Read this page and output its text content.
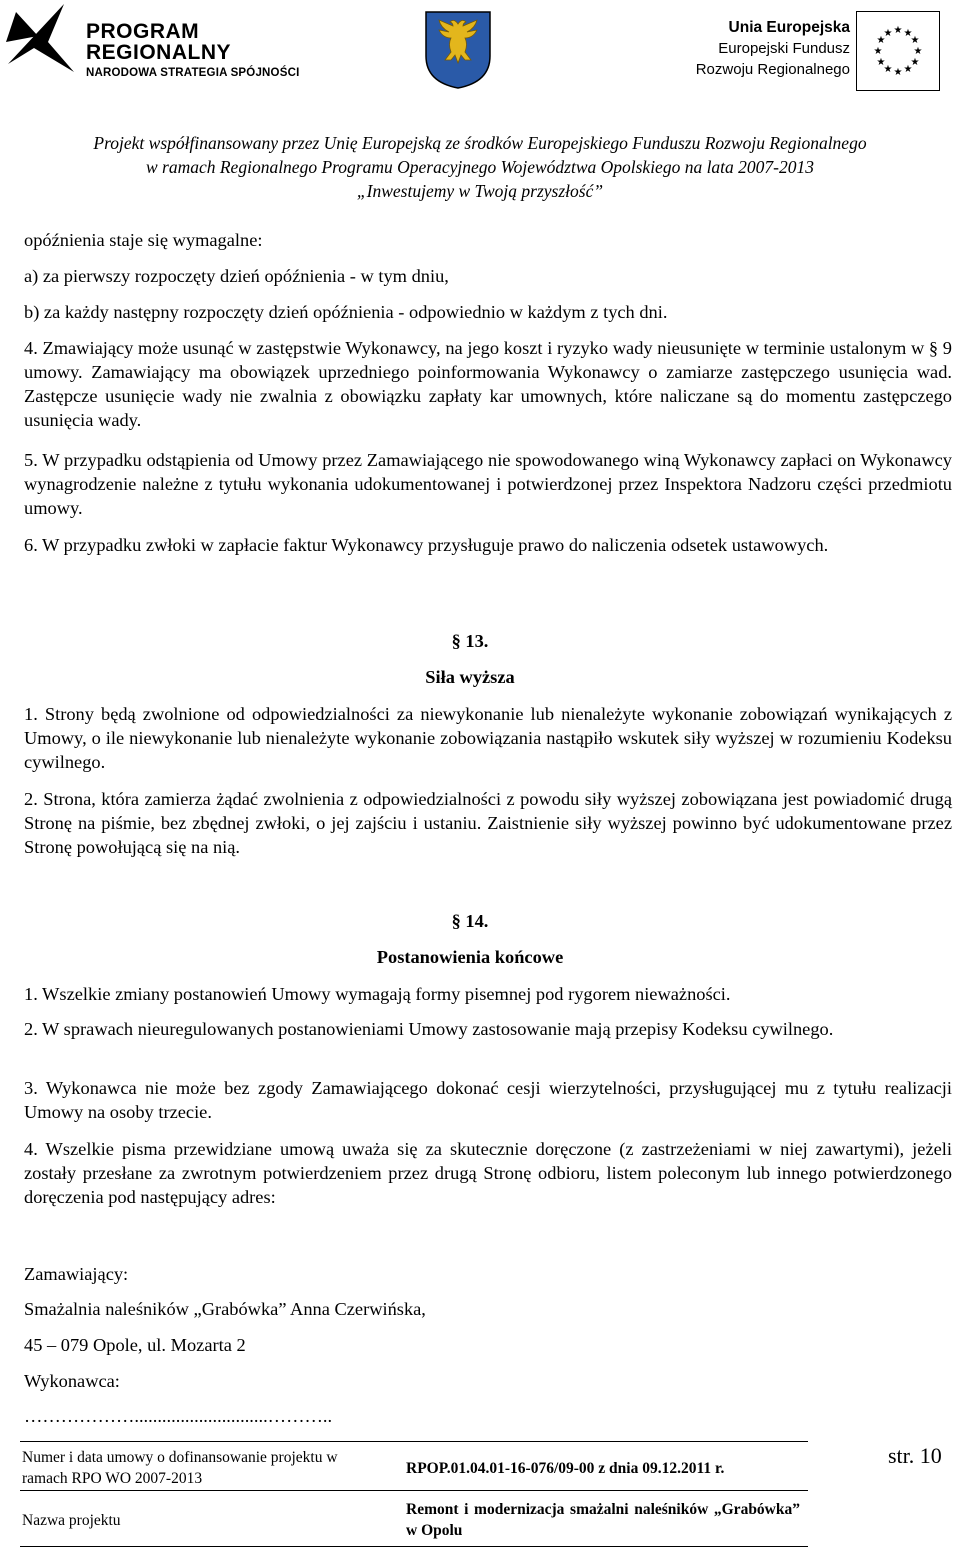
PROGRAM
REGIONALNY
NARODOWA STRATEGIA SPÓJNOŚCI
Unia Europejska
Europejski Fundusz
Rozwoju Regionalnego
★ ★
★
★
★
★
★
★
★
★
★
★
Projekt współfinansowany przez Unię Europejską ze środków Europejskiego Funduszu Rozwoju Regionalnego
w ramach Regionalnego Programu Operacyjnego Województwa Opolskiego na lata 2007-2013
„Inwestujemy w Twoją przyszłość”

opóźnienia staje się wymagalne:

a) za pierwszy rozpoczęty dzień opóźnienia - w tym dniu,

b) za każdy następny rozpoczęty dzień opóźnienia - odpowiednio w każdym z tych dni.

4. Zmawiający może usunąć w zastępstwie Wykonawcy, na jego koszt i ryzyko wady nieusunięte w terminie ustalonym w § 9 umowy. Zamawiający ma obowiązek uprzedniego poinformowania Wykonawcy o zamiarze zastępczego usunięcia wad. Zastępcze usunięcie wady nie zwalnia z obowiązku zapłaty kar umownych, które naliczane są do momentu zastępczego usunięcia wady.

5. W przypadku odstąpienia od Umowy przez Zamawiającego nie spowodowanego winą Wykonawcy zapłaci on Wykonawcy wynagrodzenie należne z tytułu wykonania udokumentowanej i potwierdzonej przez Inspektora Nadzoru części przedmiotu umowy.

6. W przypadku zwłoki w zapłacie faktur Wykonawcy przysługuje prawo do naliczenia odsetek ustawowych.

§ 13.
Siła wyższa

1. Strony będą zwolnione od odpowiedzialności za niewykonanie lub nienależyte wykonanie zobowiązań wynikających z Umowy, o ile niewykonanie lub nienależyte wykonanie zobowiązania nastąpiło wskutek siły wyższej w rozumieniu Kodeksu cywilnego.

2. Strona, która zamierza żądać zwolnienia z odpowiedzialności z powodu siły wyższej zobowiązana jest powiadomić drugą Stronę na piśmie, bez zbędnej zwłoki, o jej zajściu i ustaniu. Zaistnienie siły wyższej powinno być udokumentowane przez Stronę powołującą się na nią.

§ 14.
Postanowienia końcowe

1. Wszelkie zmiany postanowień Umowy wymagają formy pisemnej pod rygorem nieważności.

2. W sprawach nieuregulowanych postanowieniami Umowy zastosowanie mają przepisy Kodeksu cywilnego.

3. Wykonawca nie może bez zgody Zamawiającego dokonać cesji wierzytelności, przysługującej mu z tytułu realizacji Umowy na osoby trzecie.

4. Wszelkie pisma przewidziane umową uważa się za skutecznie doręczone (z zastrzeżeniami w niej zawartymi), jeżeli zostały przesłane za zwrotnym potwierdzeniem przez drugą Stronę odbioru, listem poleconym lub innego potwierdzonego doręczenia pod następujący adres:

Zamawiający:

Smażalnia naleśników „Grabówka” Anna Czerwińska,

45 – 079 Opole, ul. Mozarta 2

Wykonawca:

……………….............................………..

Numer i data umowy o dofinansowanie projektu w ramach RPO WO 2007-2013
RPOP.01.04.01-16-076/09-00 z dnia 09.12.2011 r.
Nazwa projektu
Remont i modernizacja smażalni naleśników „Grabówka” w Opolu
str. 10
